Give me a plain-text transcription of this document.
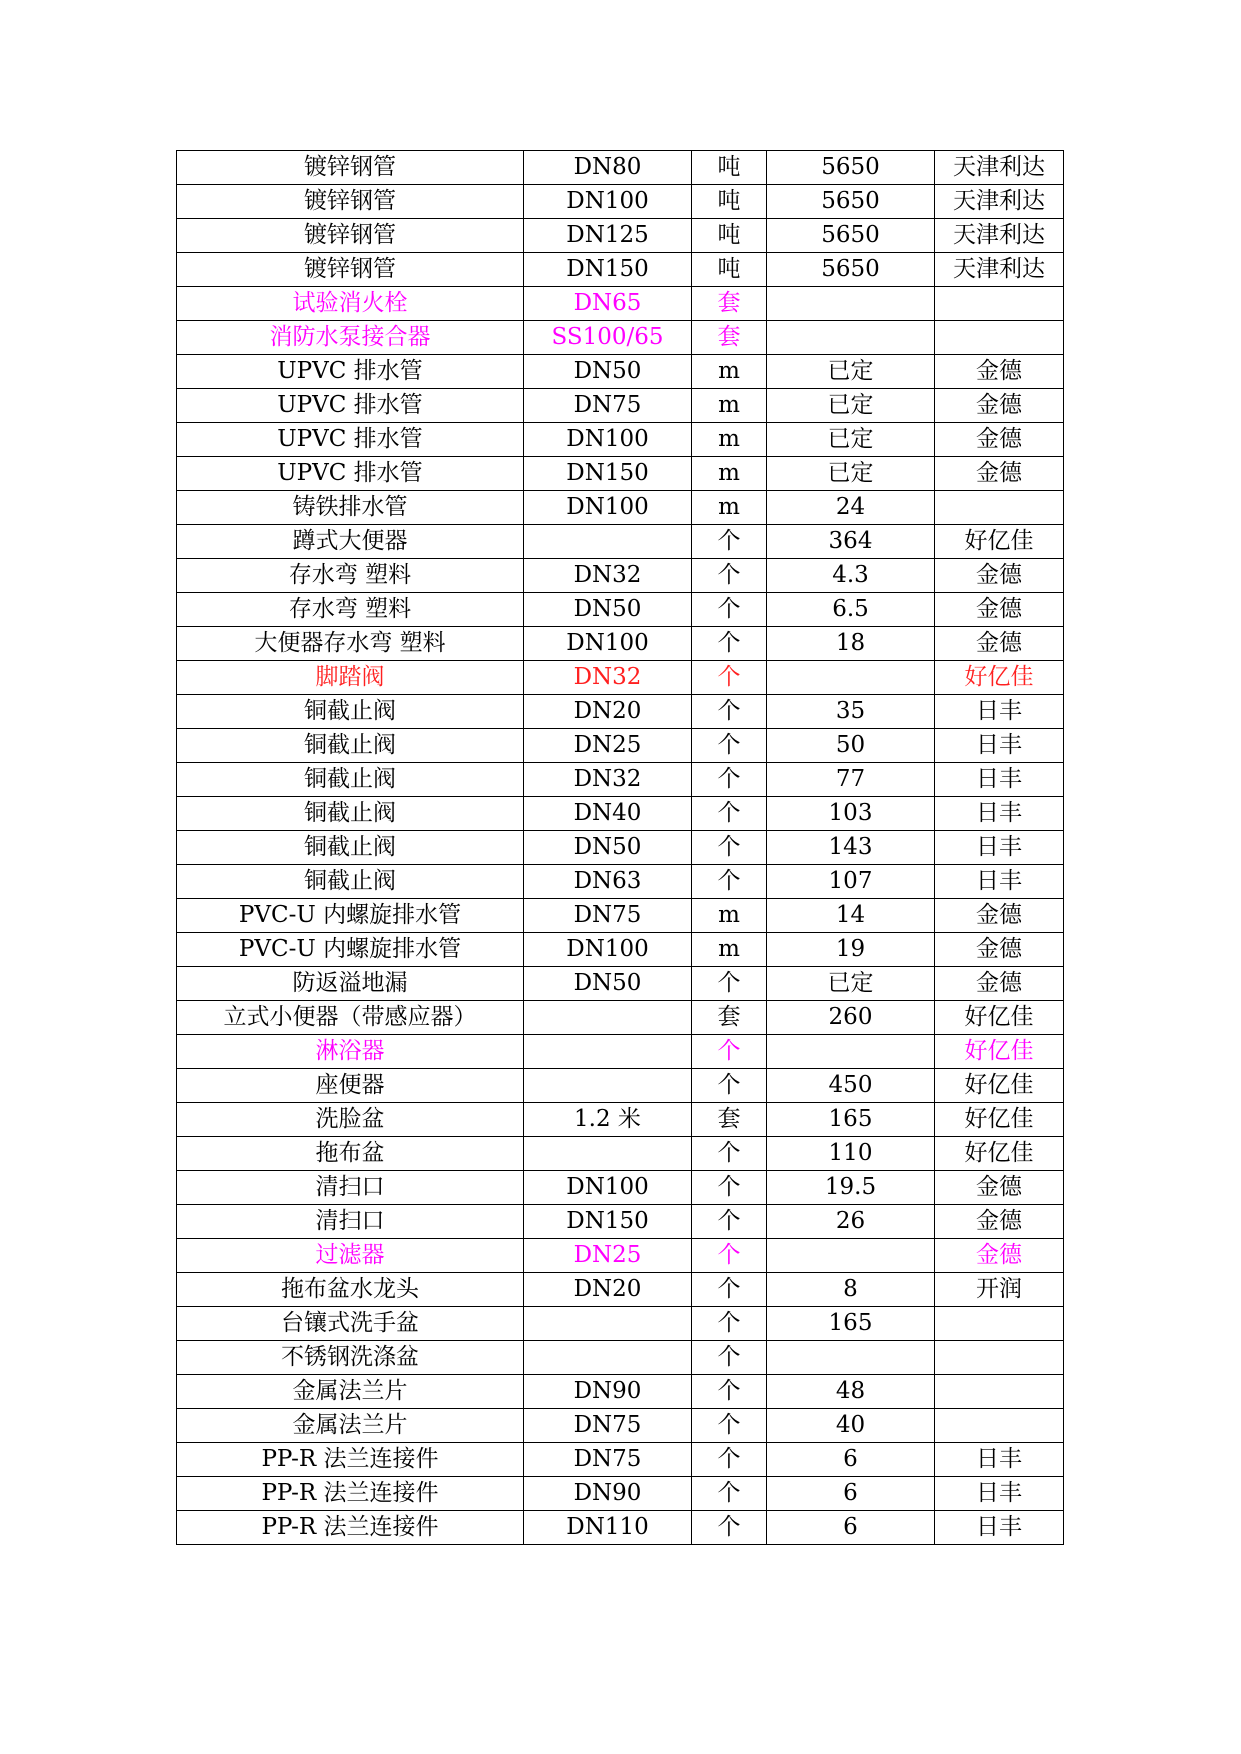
镀锌钢管	DN80	吨	5650	天津利达
镀锌钢管	DN100	吨	5650	天津利达
镀锌钢管	DN125	吨	5650	天津利达
镀锌钢管	DN150	吨	5650	天津利达
试验消火栓	DN65	套		
消防水泵接合器	SS100/65	套		
UPVC 排水管	DN50	m	已定	金德
UPVC 排水管	DN75	m	已定	金德
UPVC 排水管	DN100	m	已定	金德
UPVC 排水管	DN150	m	已定	金德
铸铁排水管	DN100	m	24	
蹲式大便器		个	364	好亿佳
存水弯 塑料	DN32	个	4.3	金德
存水弯 塑料	DN50	个	6.5	金德
大便器存水弯 塑料	DN100	个	18	金德
脚踏阀	DN32	个		好亿佳
铜截止阀	DN20	个	35	日丰
铜截止阀	DN25	个	50	日丰
铜截止阀	DN32	个	77	日丰
铜截止阀	DN40	个	103	日丰
铜截止阀	DN50	个	143	日丰
铜截止阀	DN63	个	107	日丰
PVC-U 内螺旋排水管	DN75	m	14	金德
PVC-U 内螺旋排水管	DN100	m	19	金德
防返溢地漏	DN50	个	已定	金德
立式小便器（带感应器）		套	260	好亿佳
淋浴器		个		好亿佳
座便器		个	450	好亿佳
洗脸盆	1.2 米	套	165	好亿佳
拖布盆		个	110	好亿佳
清扫口	DN100	个	19.5	金德
清扫口	DN150	个	26	金德
过滤器	DN25	个		金德
拖布盆水龙头	DN20	个	8	开润
台镶式洗手盆		个	165	
不锈钢洗涤盆		个		
金属法兰片	DN90	个	48	
金属法兰片	DN75	个	40	
PP-R 法兰连接件	DN75	个	6	日丰
PP-R 法兰连接件	DN90	个	6	日丰
PP-R 法兰连接件	DN110	个	6	日丰
